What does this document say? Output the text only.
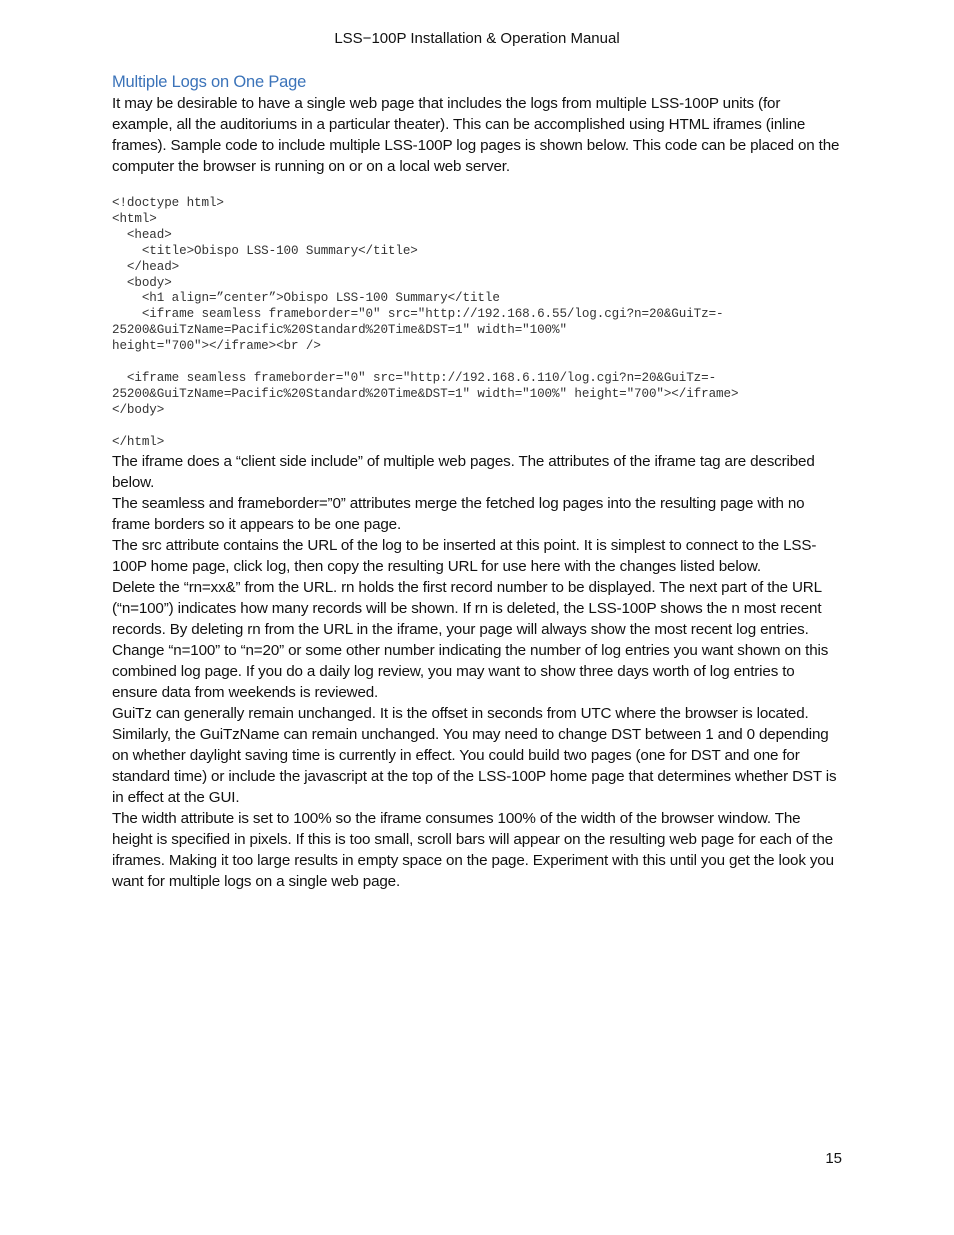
LSS−100P Installation & Operation Manual
Multiple Logs on One Page

It may be desirable to have a single web page that includes the logs from multiple LSS-100P units (for example, all the auditoriums in a particular theater). This can be accomplished using HTML iframes (inline frames). Sample code to include multiple LSS-100P log pages is shown below. This code can be placed on the computer the browser is running on or on a local web server.

<!doctype html>
<html>
<head>
<title>Obispo LSS-100 Summary</title>
</head>
<body>
<h1 align=”center”>Obispo LSS-100 Summary</title
<iframe seamless frameborder="0" src="http://192.168.6.55/log.cgi?n=20&GuiTz=-
25200&GuiTzName=Pacific%20Standard%20Time&DST=1" width="100%"
height="700"></iframe><br />

<iframe seamless frameborder="0" src="http://192.168.6.110/log.cgi?n=20&GuiTz=-
25200&GuiTzName=Pacific%20Standard%20Time&DST=1" width="100%" height="700"></iframe>
</body>

</html>

The iframe does a “client side include” of multiple web pages. The attributes of the iframe tag are described below.

The seamless and frameborder=”0” attributes merge the fetched log pages into the resulting page with no frame borders so it appears to be one page.

The src attribute contains the URL of the log to be inserted at this point. It is simplest to connect to the LSS-100P home page, click log, then copy the resulting URL for use here with the changes listed below.

Delete the “rn=xx&” from the URL. rn holds the first record number to be displayed. The next part of the URL (“n=100”) indicates how many records will be shown. If rn is deleted, the LSS-100P shows the n most recent records. By deleting rn from the URL in the iframe, your page will always show the most recent log entries.

Change “n=100” to “n=20” or some other number indicating the number of log entries you want shown on this combined log page. If you do a daily log review, you may want to show three days worth of log entries to ensure data from weekends is reviewed.

GuiTz can generally remain unchanged. It is the offset in seconds from UTC where the browser is located. Similarly, the GuiTzName can remain unchanged. You may need to change DST between 1 and 0 depending on whether daylight saving time is currently in effect. You could build two pages (one for DST and one for standard time) or include the javascript at the top of the LSS-100P home page that determines whether DST is in effect at the GUI.

The width attribute is set to 100% so the iframe consumes 100% of the width of the browser window. The height is specified in pixels. If this is too small, scroll bars will appear on the resulting web page for each of the iframes. Making it too large results in empty space on the page. Experiment with this until you get the look you want for multiple logs on a single web page.

15
